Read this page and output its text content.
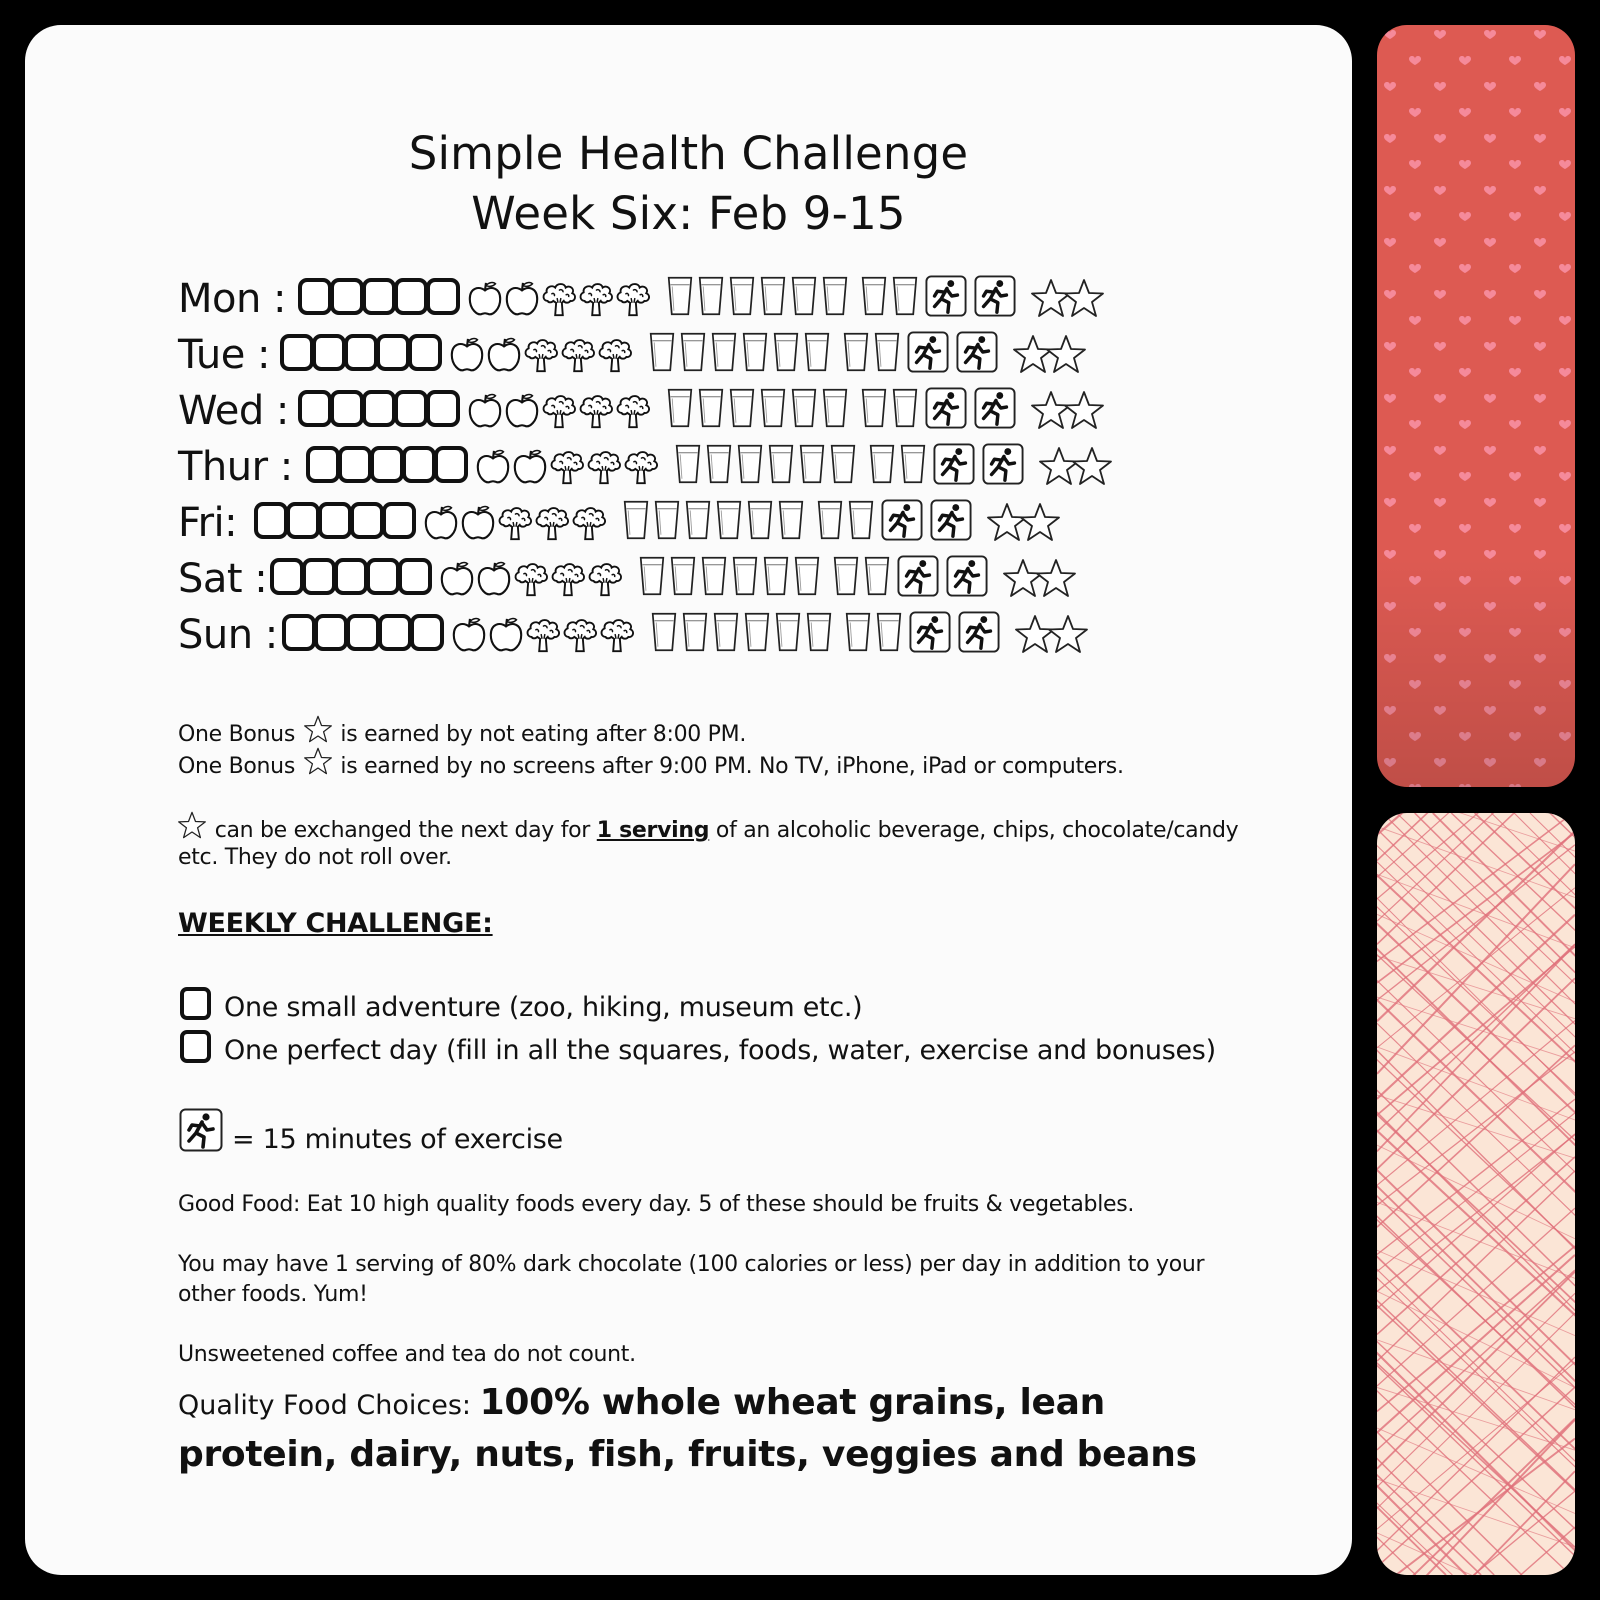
Simple Health Challenge
Week Six: Feb 9-15
Mon :
Tue :
Wed :
Thur :
Fri:
Sat :
Sun :
One Bonus is earned by not eating after 8:00 PM.
One Bonus is earned by no screens after 9:00 PM. No TV, iPhone, iPad or computers.
can be exchanged the next day for 1 serving of an alcoholic beverage, chips, chocolate/candy
etc. They do not roll over.
WEEKLY CHALLENGE:
One small adventure (zoo, hiking, museum etc.)
One perfect day (fill in all the squares, foods, water, exercise and bonuses)
= 15 minutes of exercise
Good Food: Eat 10 high quality foods every day. 5 of these should be fruits & vegetables.
You may have 1 serving of 80% dark chocolate (100 calories or less) per day in addition to your
other foods. Yum!
Unsweetened coffee and tea do not count.
Quality Food Choices: 100% whole wheat grains, lean protein, dairy, nuts, fish, fruits, veggies and beans
